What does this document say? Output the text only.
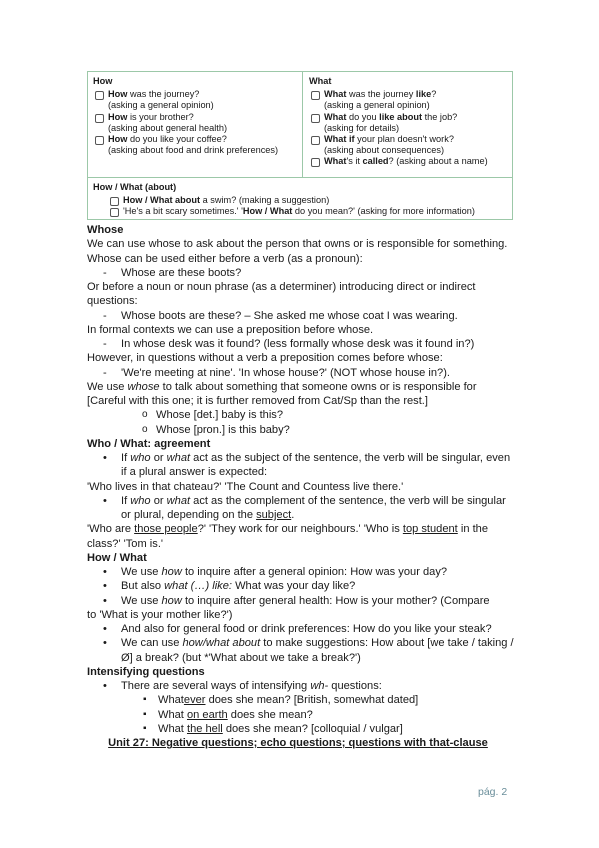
How
How was the journey?
(asking a general opinion)
How is your brother?
(asking about general health)
How do you like your coffee?
(asking about food and drink preferences)
What
What was the journey like?
(asking a general opinion)
What do you like about the job?
(asking for details)
What if your plan doesn't work?
(asking about consequences)
What's it called? (asking about a name)
How / What (about)
How / What about a swim? (making a suggestion)
'He's a bit scary sometimes.' 'How / What do you mean?' (asking for more information)

Whose

We can use whose to ask about the person that owns or is responsible for something. Whose can be used either before a verb (as a pronoun):

- Whose are these boots?

Or before a noun or noun phrase (as a determiner) introducing direct or indirect questions:

- Whose boots are these? – She asked me whose coat I was wearing.

In formal contexts we can use a preposition before whose.

- In whose desk was it found? (less formally whose desk was it found in?)

However, in questions without a verb a preposition comes before whose:

- 'We're meeting at nine'. 'In whose house?' (NOT whose house in?).

We use whose to talk about something that someone owns or is responsible for [Careful with this one; it is further removed from Cat/Sp than the rest.]

o Whose [det.] baby is this?

o Whose [pron.] is this baby?

Who / What: agreement

• If who or what act as the subject of the sentence, the verb will be singular, even if a plural answer is expected:

'Who lives in that chateau?' 'The Count and Countess live there.'

• If who or what act as the complement of the sentence, the verb will be singular or plural, depending on the subject.

'Who are those people?' 'They work for our neighbours.' 'Who is top student in the class?' 'Tom is.'

How / What

• We use how to inquire after a general opinion: How was your day?

• But also what (…) like: What was your day like?

• We use how to inquire after general health: How is your mother? (Compare

to 'What is your mother like?')

• And also for general food or drink preferences: How do you like your steak?

• We can use how/what about to make suggestions: How about [we take / taking / Ø] a break? (but *'What about we take a break?')

Intensifying questions

• There are several ways of intensifying wh- questions:

▪ Whatever does she mean? [British, somewhat dated]

▪ What on earth does she mean?

▪ What the hell does she mean? [colloquial / vulgar]

Unit 27: Negative questions; echo questions; questions with that-clause

pág. 2
